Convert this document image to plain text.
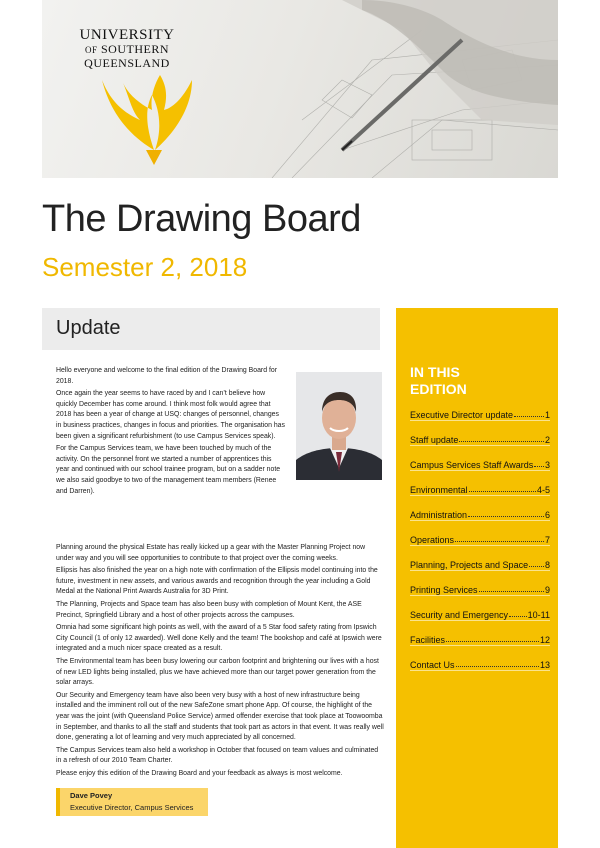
UNIVERSITY
OF SOUTHERN
QUEENSLAND
The Drawing Board
Semester 2, 2018
Update
IN THIS
EDITION
Executive Director update	1
Staff update	2
Campus Services Staff Awards 3
Environmental	4-5
Administration	6
Operations	7
Planning, Projects and Space 8
Printing Services	9
Security and Emergency 10-11
Facilities	12
Contact Us	13

Hello everyone and welcome to the final edition of the Drawing Board for 2018.

Once again the year seems to have raced by and I can’t believe how quickly December has come around. I think most folk would agree that 2018 has been a year of change at USQ: changes of personnel, changes in business practices, changes in focus and priorities. The organisation has been given a significant refurbishment (to use Campus Services speak).

For the Campus Services team, we have been touched by much of the activity. On the personnel front we started a number of apprentices this year and continued with our school trainee program, but on a sadder note we also said goodbye to two of the management team members (Renee and Darren).

Planning around the physical Estate has really kicked up a gear with the Master Planning Project now under way and you will see opportunities to contribute to that project over the coming weeks.

Ellipsis has also finished the year on a high note with confirmation of the Ellipsis model continuing into the future, investment in new assets, and various awards and recognition through the year including a Gold Medal at the National Print Awards Australia for 3D Print.

The Planning, Projects and Space team has also been busy with completion of Mount Kent, the ASE Precinct, Springfield Library and a host of other projects across the campuses.

Omnia had some significant high points as well, with the award of a 5 Star food safety rating from Ipswich City Council (1 of only 12 awarded). Well done Kelly and the team! The bookshop and café at Ipswich were integrated and a much nicer space created as a result.

The Environmental team has been busy lowering our carbon footprint and brightening our lives with a host of new LED lights being installed, plus we have achieved more than our target power generation from the solar arrays.

Our Security and Emergency team have also been very busy with a host of new infrastructure being installed and the imminent roll out of the new SafeZone smart phone App. Of course, the highlight of the year was the joint (with Queensland Police Service) armed offender exercise that took place at Toowoomba in September, and thanks to all the staff and students that took part as actors in that event. It was really well done, generating a lot of learning and very much appreciated by all concerned.

The Campus Services team also held a workshop in October that focused on team values and culminated in a refresh of our 2010 Team Charter.

Please enjoy this edition of the Drawing Board and your feedback as always is most welcome.

Dave Povey
Executive Director, Campus Services
